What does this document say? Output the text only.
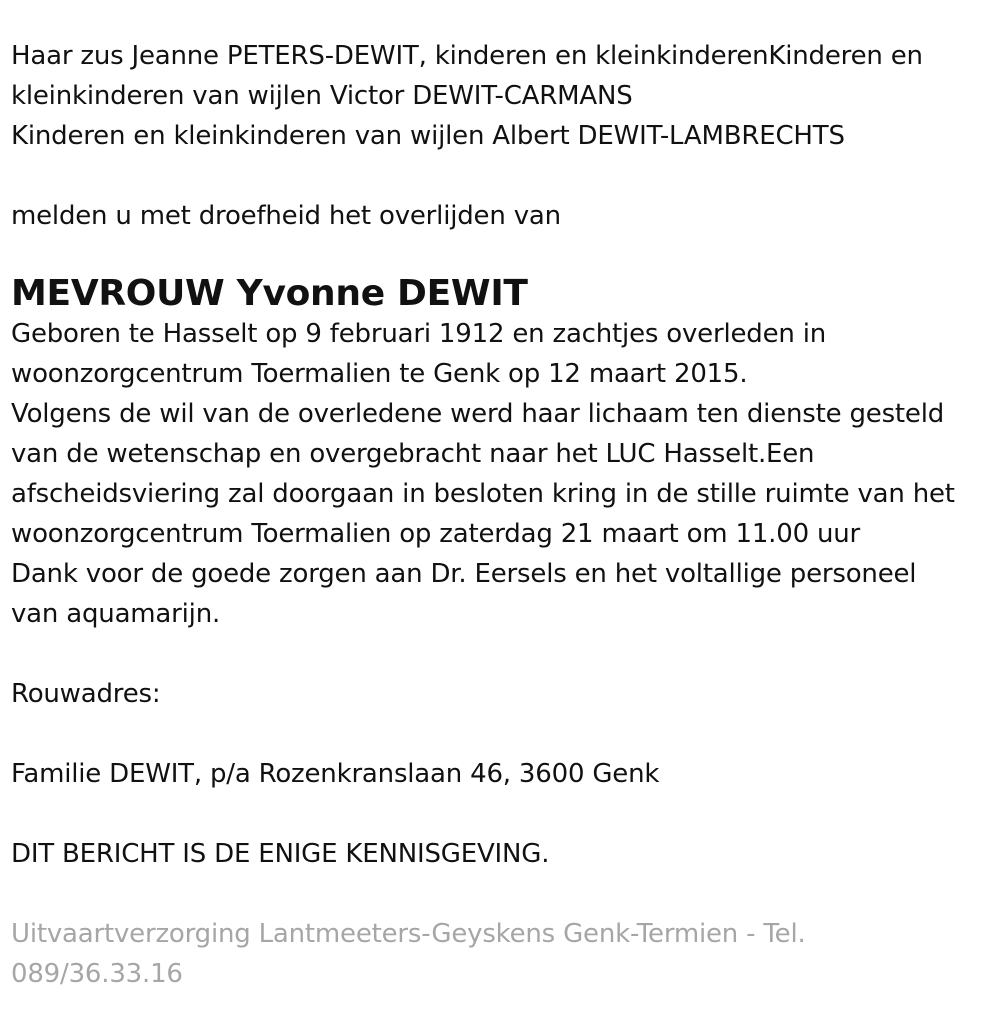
Haar zus Jeanne PETERS-DEWIT, kinderen en kleinkinderenKinderen en
kleinkinderen van wijlen Victor DEWIT-CARMANS
Kinderen en kleinkinderen van wijlen Albert DEWIT-LAMBRECHTS
melden u met droefheid het overlijden van
MEVROUW Yvonne DEWIT
Geboren te Hasselt op 9 februari 1912 en zachtjes overleden in
woonzorgcentrum Toermalien te Genk op 12 maart 2015.
Volgens de wil van de overledene werd haar lichaam ten dienste gesteld
van de wetenschap en overgebracht naar het LUC Hasselt.Een
afscheidsviering zal doorgaan in besloten kring in de stille ruimte van het
woonzorgcentrum Toermalien op zaterdag 21 maart om 11.00 uur
Dank voor de goede zorgen aan Dr. Eersels en het voltallige personeel
van aquamarijn.
Rouwadres:
Familie DEWIT, p/a Rozenkranslaan 46, 3600 Genk
DIT BERICHT IS DE ENIGE KENNISGEVING.
Uitvaartverzorging Lantmeeters-Geyskens Genk-Termien - Tel.
089/36.33.16
